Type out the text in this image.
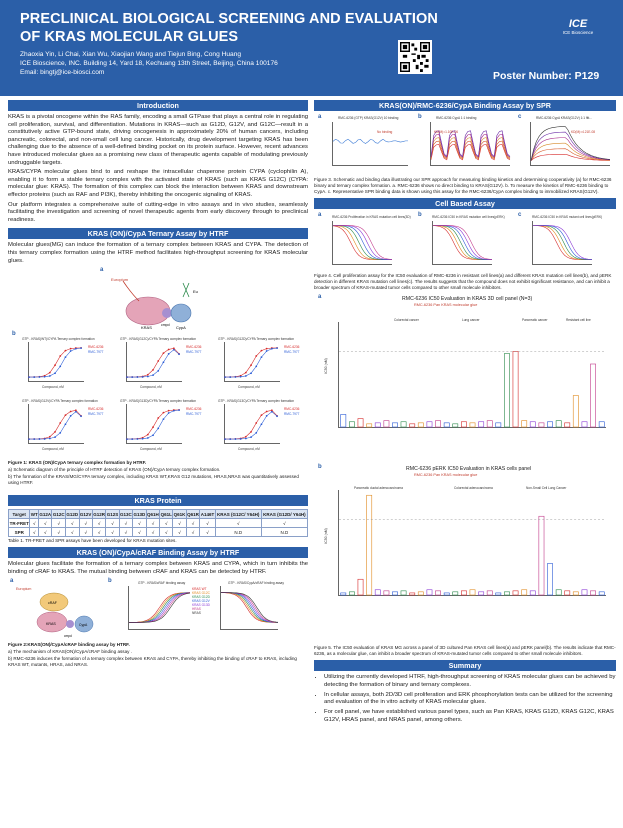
PRECLINICAL BIOLOGICAL SCREENING AND EVALUATION
OF KRAS MOLECULAR GLUES
Zhaoxia Yin, Li Chai, Xian Wu, Xiaojian Wang and Tiejun Bing, Cong Huang
ICE Bioscience, INC. Building 14, Yard 18, Kechuang 13th Street, Beijing, China 100176
Email: bingtj@ice-biosci.com
ICE
ICE Bioscience
Poster Number: P129
Introduction
KRAS is a pivotal oncogene within the RAS family, encoding a small GTPase that plays a central role in regulating cell proliferation, survival, and differentiation. Mutations in KRAS—such as G12D, G12V, and G12C—result in a constitutively active GTP-bound state, driving oncogenesis in approximately 20% of human cancers, including pancreatic, colorectal, and non-small cell lung cancer. Historically, drug development targeting KRAS has been challenging due to the absence of a well-defined binding pocket on its protein surface. However, recent advances have introduced molecular glues as a promising new class of therapeutic agents capable of modulating previously undruggable targets.
KRAS/CYPA molecular glues bind to and reshape the intracellular chaperone protein CYPA (cyclophilin A), enabling it to form a stable ternary complex with the activated state of KRAS (such as KRAS G12C) (CYPA: molecular glue: KRAS). The formation of this complex can block the interaction between KRAS and downstream effector proteins (such as RAF and PI3K), thereby inhibiting the oncogenic signaling of KRAS.
Our platform integrates a comprehensive suite of cutting-edge in vitro assays and in vivo studies, seamlessly facilitating the investigation and screening of novel therapeutic agents from early discovery through to preclinical readiness.
KRAS (ON)/CypA Ternary Assay by HTRF
Molecular glues(MG) can induce the formation of a ternary complex between KRAS and CYPA. The detection of this ternary complex formation using the HTRF method facilitates high-throughput screening for KRAS molecular glues.
a
Europium
KRAS	cmpd CypA
Eu
b
GTP - KRAS(WT)/CYPA Ternary complex formation
RMC-6236
RMC-7977
Compound, nM
GTP - KRAS(G12C)/CYPA Ternary complex formation
RMC-6236
RMC-7977
Compound, nM
GTP - KRAS(G12D)/CYPA Ternary complex formation
RMC-6236
RMC-7977
Compound, nM
GTP - KRAS(G12V)/CYPA Ternary complex formation
RMC-6236
RMC-7977
Compound, nM
GTP - KRAS(G13D)/CYPA Ternary complex formation
RMC-6236
RMC-7977
Compound, nM
GTP - KRAS(G13C)/CYPA Ternary complex formation
RMC-6236
RMC-7977
Compound, nM
Figure 1: KRAS (ON)/CypA ternary complex formation by HTRF.
a) Schematic diagram of the principle of HTRF detection of KRAS (ON)/CypA ternary complex formation.
b) The formation of the KRAS/MG/CYPA ternary complex, including KRAS WT,KRAS G12 mutations, HRAS,NRAS was quantitatively assessed using HTRF.
KRAS Protein
Target	WT	G12A	G12C	G12D	G12V	G12R	G12S	G13C	G13D	Q61H	Q61L	Q61K	Q61R	A146T	KRAS (G12C/ Y64H)	KRAS (G12D/ Y64H)
TR-FRET	√	√	√	√	√	√	√	√	√	√	√	√	√	√	√	√
SPR	√	√	√	√	√	√	√	√	√	√	√	√	√	√	N.D	N.D
Table 1. TR-FRET and SPR assays have been developed for KRAS mutation sites.
KRAS (ON)/CypA/cRAF Binding Assay by HTRF
Molecular glues facilitate the formation of a ternary complex between KRAS and CYPA, which in turn inhibits the binding of cRAF to KRAS. The mutual binding between cRAF and KRAS can be detected by HTRF.
a
Europium
cRAF
KRAS	CypA
cmpd
b	GTP - KRAS/cRAF binding assay	GTP - KRAS/CypA/cRAF binding assay
KRAS WT
KRAS G12C
KRAS G12D
KRAS G12V
KRAS G13D
HRAS
NRAS
Figure 2:KRAS(ON)/CypA/cRAF binding assay by HTRF.
a) The mechanism of KRAS(ON)/CypA/cRAF binding assay .
b) RMC-6236 induces the formation of a ternary complex between KRAS and CYPA, thereby inhibiting the binding of cRAF to KRAS, including KRAS WT, mutants, HRAS, and NRAS.
KRAS(ON)/RMC-6236/CypA Binding Assay by SPR
a	b	c
RMC-6236 (GTP) KRAS(G12V) 10 binding	RMC-6236 CypA 1:1 binding	RMC-6236 CypA KRAS(G12V) 1:1 fitt...
No binding	KD(M)=1.10E-06	KD(M)=4.21E-08
Figure 3. Schematic and binding data illustrating our SPR approach for measuring binding kinetics and determining cooperativity (a) for RMC-6236 binary and ternary complex formation. a. RMC-6236 shows no direct binding to KRAS(G12V). b. To measure the kinetics of RMC-6236 binding to CypA. c. Representative SPR binding data is shown using this assay for the RMC-6236/CypA complex binding to immobilized KRAS(G12V).
Cell Based Assay
a	b	c
RMC-6236 Proliferation in KRAS mutation cell lines(3D)	RMC-6236 IC50 in KRAS mutation cell lines(pERK)	RMC-6236 IC50 in KRAS mutant cell lines(pERK)
Figure 4. Cell proliferation assay for the IC50 evaluation of RMC-6236 in resistant cell lines(a) and different KRAS mutation cell lines(b), and pERK detection in different KRAS mutation cell lines(c). The results suggests that the compound does not exhibit significant resistance, and can inhibit a broader spectrum of KRAS-mutated tumor cells compared to other small molecule inhibitors.
a	RMC-6236 IC50 Evaluation in KRAS 3D cell panel (N=3)
RMC-6236 Pan KRAS molecular glue
Colorectal cancer	Lung cancer	Pancreatic cancer	Resistant cell line
IC50 (nM)
b	RMC-6236 pERK IC50 Evaluation in KRAS cells panel
RMC-6236 Pan KRAS molecular glue
Pancreatic ductal adenocarcinoma	Colorectal adenocarcinoma	Non-Small Cell Lung Cancer
IC50 (nM)
Figure 5. The IC50 evaluation of KRAS MG across a panel of 3D cultured Pan KRAS cell lines(a) and pERK panel(b). The results indicate that RMC-6236, as a molecular glue, can inhibit a broader spectrum of KRAS-mutated tumor cells compared to other small molecule inhibitors.
Summary
• Utilizing the currently developed HTRF, high-throughput screening of KRAS molecular glues can be achieved by detecting the formation of binary and ternary complexes.
• In cellular assays, both 2D/3D cell proliferation and ERK phosphorylation tests can be utilized for the screening and evaluation of the in vitro activity of KRAS molecular glues.
• For cell panel, we have established various panel types, such as Pan KRAS, KRAS G12D, KRAS G12C, KRAS G12V, HRAS panel, and NRAS panel, among others.
